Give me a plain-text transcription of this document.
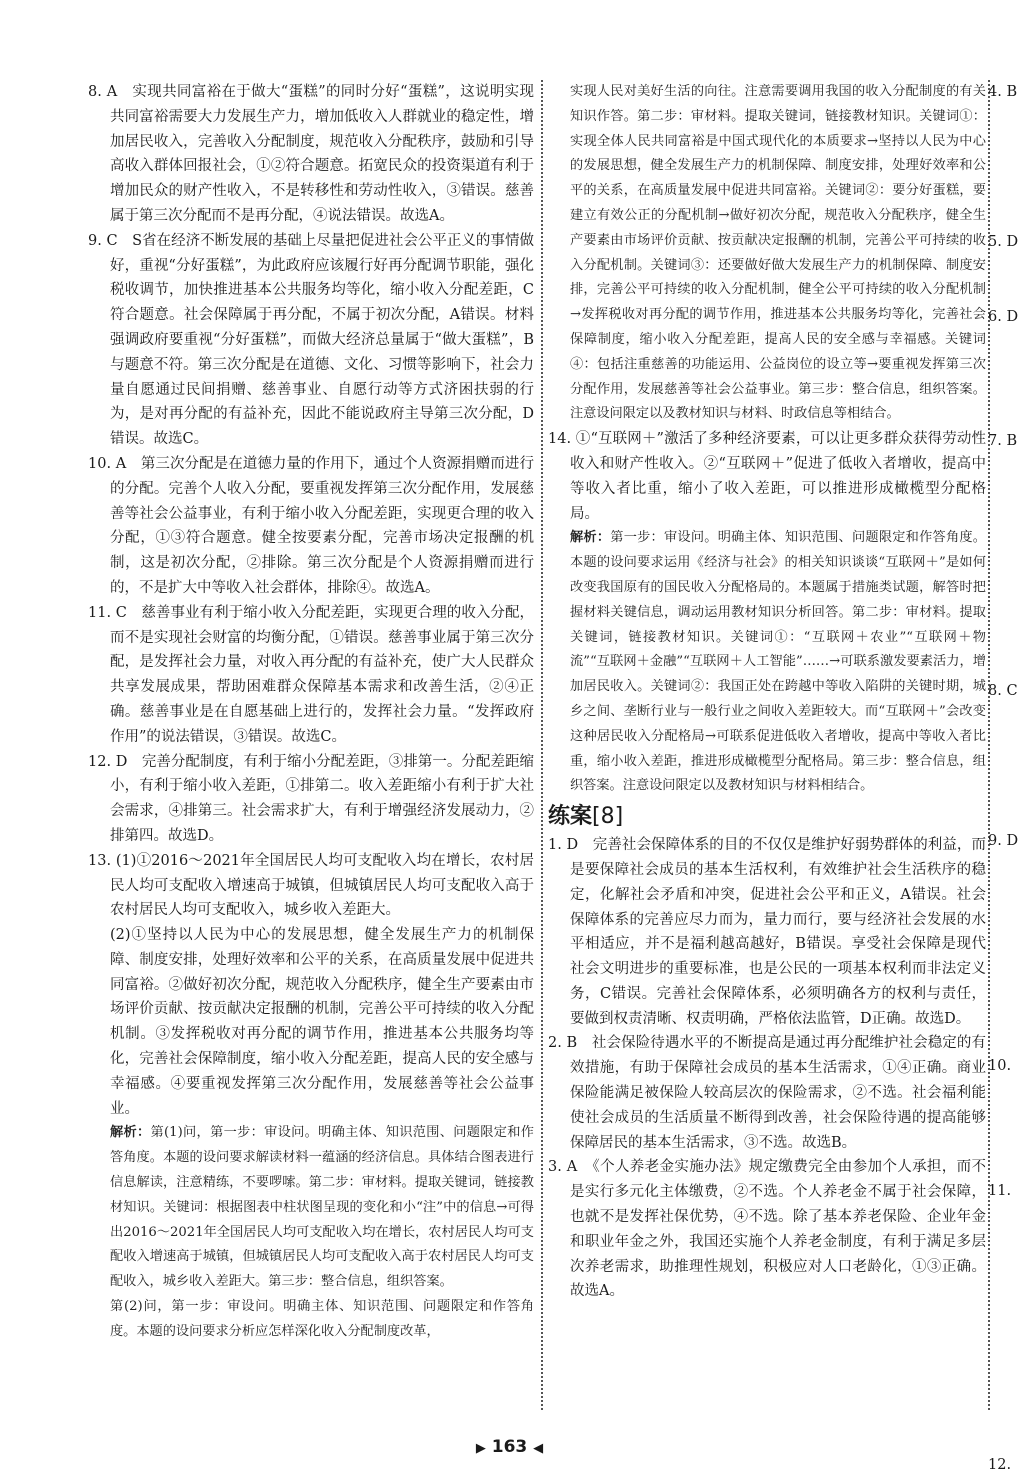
8. A　实现共同富裕在于做大“蛋糕”的同时分好“蛋糕”，这说明实现共同富裕需要大力发展生产力，增加低收入人群就业的稳定性，增加居民收入，完善收入分配制度，规范收入分配秩序，鼓励和引导高收入群体回报社会，①②符合题意。拓宽民众的投资渠道有利于增加民众的财产性收入，不是转移性和劳动性收入，③错误。慈善属于第三次分配而不是再分配，④说法错误。故选A。

9. C　S省在经济不断发展的基础上尽量把促进社会公平正义的事情做好，重视“分好蛋糕”，为此政府应该履行好再分配调节职能，强化税收调节，加快推进基本公共服务均等化，缩小收入分配差距，C符合题意。社会保障属于再分配，不属于初次分配，A错误。材料强调政府要重视“分好蛋糕”，而做大经济总量属于“做大蛋糕”，B与题意不符。第三次分配是在道德、文化、习惯等影响下，社会力量自愿通过民间捐赠、慈善事业、自愿行动等方式济困扶弱的行为，是对再分配的有益补充，因此不能说政府主导第三次分配，D错误。故选C。

10. A　第三次分配是在道德力量的作用下，通过个人资源捐赠而进行的分配。完善个人收入分配，要重视发挥第三次分配作用，发展慈善等社会公益事业，有利于缩小收入分配差距，实现更合理的收入分配，①③符合题意。健全按要素分配，完善市场决定报酬的机制，这是初次分配，②排除。第三次分配是个人资源捐赠而进行的，不是扩大中等收入社会群体，排除④。故选A。

11. C　慈善事业有利于缩小收入分配差距，实现更合理的收入分配，而不是实现社会财富的均衡分配，①错误。慈善事业属于第三次分配，是发挥社会力量，对收入再分配的有益补充，使广大人民群众共享发展成果，帮助困难群众保障基本需求和改善生活，②④正确。慈善事业是在自愿基础上进行的，发挥社会力量。“发挥政府作用”的说法错误，③错误。故选C。

12. D　完善分配制度，有利于缩小分配差距，③排第一。分配差距缩小，有利于缩小收入差距，①排第二。收入差距缩小有利于扩大社会需求，④排第三。社会需求扩大，有利于增强经济发展动力，②排第四。故选D。

13. (1)①2016～2021年全国居民人均可支配收入均在增长，农村居民人均可支配收入增速高于城镇，但城镇居民人均可支配收入高于农村居民人均可支配收入，城乡收入差距大。

(2)①坚持以人民为中心的发展思想，健全发展生产力的机制保障、制度安排，处理好效率和公平的关系，在高质量发展中促进共同富裕。②做好初次分配，规范收入分配秩序，健全生产要素由市场评价贡献、按贡献决定报酬的机制，完善公平可持续的收入分配机制。③发挥税收对再分配的调节作用，推进基本公共服务均等化，完善社会保障制度，缩小收入分配差距，提高人民的安全感与幸福感。④要重视发挥第三次分配作用，发展慈善等社会公益事业。

解析：第(1)问，第一步：审设问。明确主体、知识范围、问题限定和作答角度。本题的设问要求解读材料一蕴涵的经济信息。具体结合图表进行信息解读，注意精练，不要啰嗦。第二步：审材料。提取关键词，链接教材知识。关键词：根据图表中柱状图呈现的变化和小“注”中的信息→可得出2016～2021年全国居民人均可支配收入均在增长，农村居民人均可支配收入增速高于城镇，但城镇居民人均可支配收入高于农村居民人均可支配收入，城乡收入差距大。第三步：整合信息，组织答案。

第(2)问，第一步：审设问。明确主体、知识范围、问题限定和作答角度。本题的设问要求分析应怎样深化收入分配制度改革，

实现人民对美好生活的向往。注意需要调用我国的收入分配制度的有关知识作答。第二步：审材料。提取关键词，链接教材知识。关键词①：实现全体人民共同富裕是中国式现代化的本质要求→坚持以人民为中心的发展思想，健全发展生产力的机制保障、制度安排，处理好效率和公平的关系，在高质量发展中促进共同富裕。关键词②：要分好蛋糕，要建立有效公正的分配机制→做好初次分配，规范收入分配秩序，健全生产要素由市场评价贡献、按贡献决定报酬的机制，完善公平可持续的收入分配机制。关键词③：还要做好做大发展生产力的机制保障、制度安排，完善公平可持续的收入分配机制，健全公平可持续的收入分配机制→发挥税收对再分配的调节作用，推进基本公共服务均等化，完善社会保障制度，缩小收入分配差距，提高人民的安全感与幸福感。关键词④：包括注重慈善的功能运用、公益岗位的设立等→要重视发挥第三次分配作用，发展慈善等社会公益事业。第三步：整合信息，组织答案。注意设问限定以及教材知识与材料、时政信息等相结合。

14. ①“互联网＋”激活了多种经济要素，可以让更多群众获得劳动性收入和财产性收入。②“互联网＋”促进了低收入者增收，提高中等收入者比重，缩小了收入差距，可以推进形成橄榄型分配格局。

解析：第一步：审设问。明确主体、知识范围、问题限定和作答角度。本题的设问要求运用《经济与社会》的相关知识谈谈“互联网＋”是如何改变我国原有的国民收入分配格局的。本题属于措施类试题，解答时把握材料关键信息，调动运用教材知识分析回答。第二步：审材料。提取关键词，链接教材知识。关键词①：“互联网＋农业”“互联网＋物流”“互联网＋金融”“互联网＋人工智能”……→可联系激发要素活力，增加居民收入。关键词②：我国正处在跨越中等收入陷阱的关键时期，城乡之间、垄断行业与一般行业之间收入差距较大。而“互联网＋”会改变这种居民收入分配格局→可联系促进低收入者增收，提高中等收入者比重，缩小收入差距，推进形成橄榄型分配格局。第三步：整合信息，组织答案。注意设问限定以及教材知识与材料相结合。

练案[8]

1. D　完善社会保障体系的目的不仅仅是维护好弱势群体的利益，而是要保障社会成员的基本生活权利，有效维护社会生活秩序的稳定，化解社会矛盾和冲突，促进社会公平和正义，A错误。社会保障体系的完善应尽力而为，量力而行，要与经济社会发展的水平相适应，并不是福利越高越好，B错误。享受社会保障是现代社会文明进步的重要标准，也是公民的一项基本权利而非法定义务，C错误。完善社会保障体系，必须明确各方的权利与责任，要做到权责清晰、权责明确，严格依法监管，D正确。故选D。

2. B　社会保险待遇水平的不断提高是通过再分配维护社会稳定的有效措施，有助于保障社会成员的基本生活需求，①④正确。商业保险能满足被保险人较高层次的保险需求，②不选。社会福利能使社会成员的生活质量不断得到改善，社会保险待遇的提高能够保障居民的基本生活需求，③不选。故选B。

3. A　《个人养老金实施办法》规定缴费完全由参加个人承担，而不是实行多元化主体缴费，②不选。个人养老金不属于社会保障，也就不是发挥社保优势，④不选。除了基本养老保险、企业年金和职业年金之外，我国还实施个人养老金制度，有利于满足多层次养老需求，助推理性规划，积极应对人口老龄化，①③正确。故选A。

4. B

5. D

6. D

7. B

8. C

9. D

10.

11.

12.

▶ 163 ◀
